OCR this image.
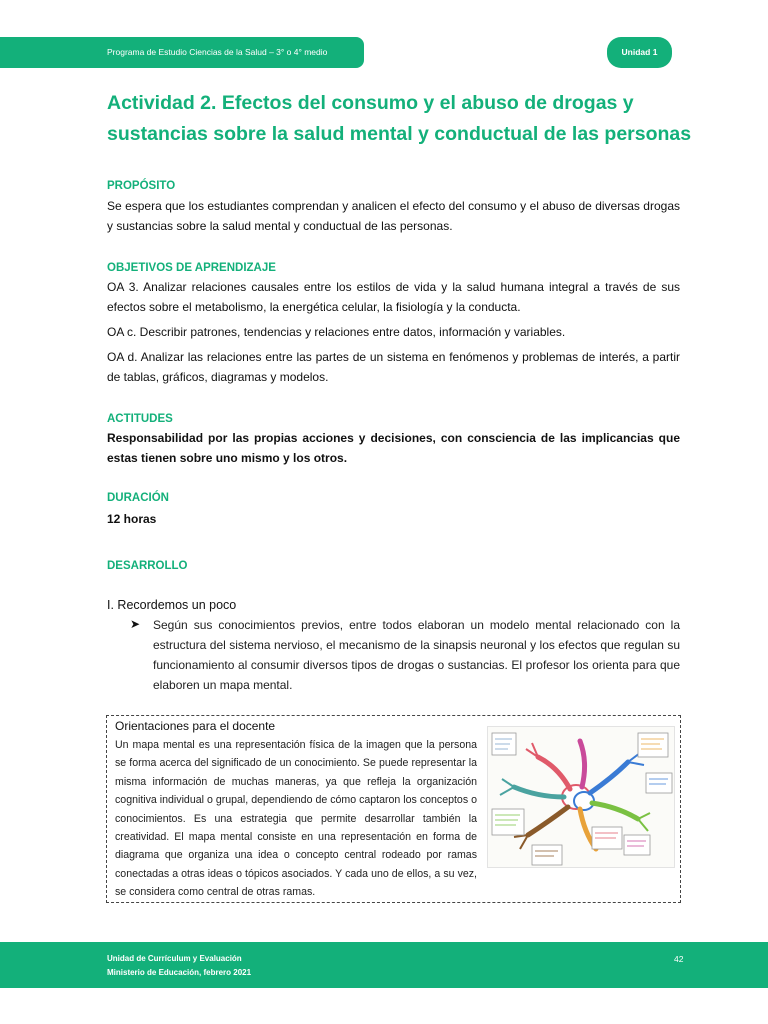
Programa de Estudio Ciencias de la Salud – 3° o 4° medio	Unidad 1
Actividad 2. Efectos del consumo y el abuso de drogas y sustancias sobre la salud mental y conductual de las personas
PROPÓSITO
Se espera que los estudiantes comprendan y analicen el efecto del consumo y el abuso de diversas drogas y sustancias sobre la salud mental y conductual de las personas.
OBJETIVOS DE APRENDIZAJE
OA 3. Analizar relaciones causales entre los estilos de vida y la salud humana integral a través de sus efectos sobre el metabolismo, la energética celular, la fisiología y la conducta.
OA c. Describir patrones, tendencias y relaciones entre datos, información y variables.
OA d. Analizar las relaciones entre las partes de un sistema en fenómenos y problemas de interés, a partir de tablas, gráficos, diagramas y modelos.
ACTITUDES
Responsabilidad por las propias acciones y decisiones, con consciencia de las implicancias que estas tienen sobre uno mismo y los otros.
DURACIÓN
12 horas
DESARROLLO
I. Recordemos un poco
➤ Según sus conocimientos previos, entre todos elaboran un modelo mental relacionado con la estructura del sistema nervioso, el mecanismo de la sinapsis neuronal y los efectos que regulan su funcionamiento al consumir diversos tipos de drogas o sustancias. El profesor los orienta para que elaboren un mapa mental.
Orientaciones para el docente
Un mapa mental es una representación física de la imagen que la persona se forma acerca del significado de un conocimiento. Se puede representar la misma información de muchas maneras, ya que refleja la organización cognitiva individual o grupal, dependiendo de cómo captaron los conceptos o conocimientos. Es una estrategia que permite desarrollar también la creatividad. El mapa mental consiste en una representación en forma de diagrama que organiza una idea o concepto central rodeado por ramas conectadas a otras ideas o tópicos asociados. Y cada uno de ellos, a su vez, se considera como central de otras ramas.
Unidad de Currículum y Evaluación
Ministerio de Educación, febrero 2021
42
